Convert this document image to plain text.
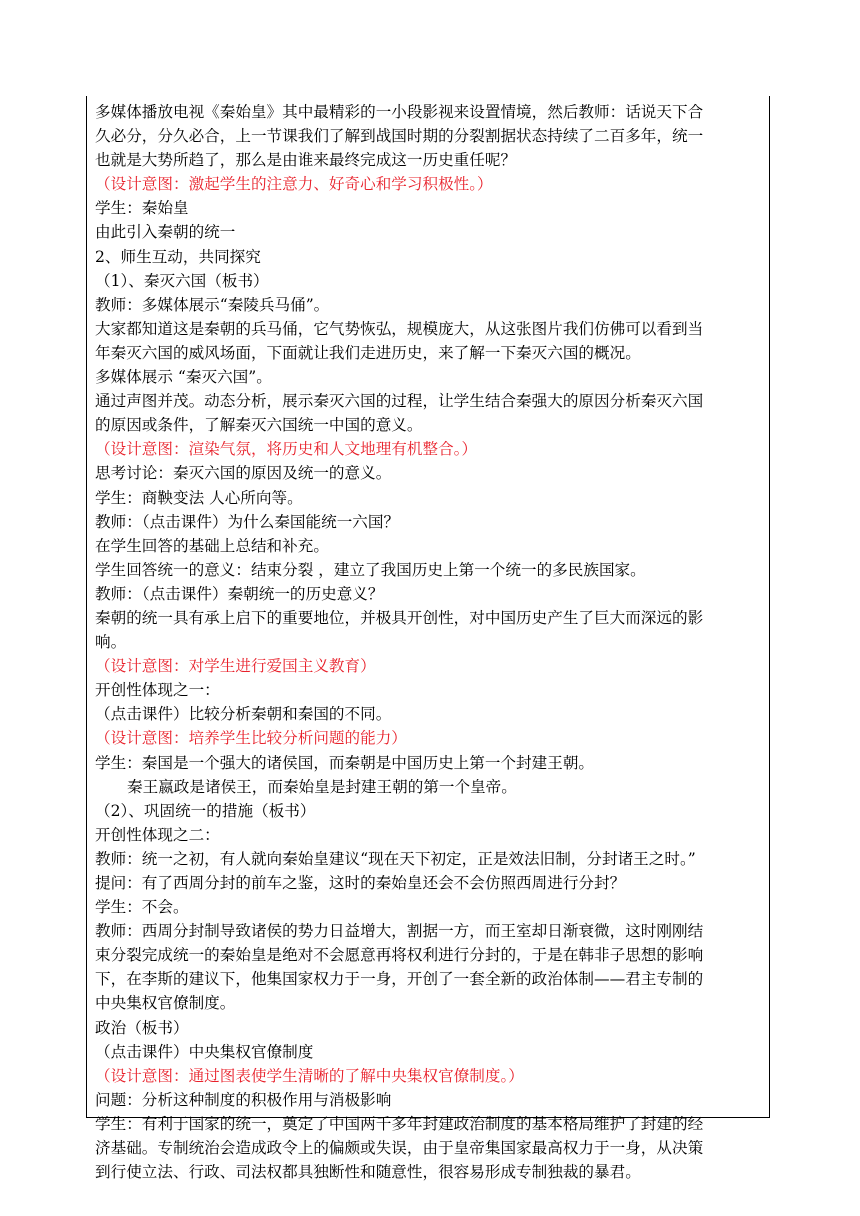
多媒体播放电视《秦始皇》其中最精彩的一小段影视来设置情境，然后教师：话说天下合
久必分，分久必合，上一节课我们了解到战国时期的分裂割据状态持续了二百多年，统一
也就是大势所趋了，那么是由谁来最终完成这一历史重任呢？
（设计意图：激起学生的注意力、好奇心和学习积极性。）
学生：秦始皇
由此引入秦朝的统一
2、师生互动，共同探究
（1）、秦灭六国（板书）
教师：多媒体展示“秦陵兵马俑”。
大家都知道这是秦朝的兵马俑，它气势恢弘，规模庞大，从这张图片我们仿佛可以看到当
年秦灭六国的威风场面，下面就让我们走进历史，来了解一下秦灭六国的概况。
多媒体展示 “秦灭六国”。
通过声图并茂。动态分析，展示秦灭六国的过程，让学生结合秦强大的原因分析秦灭六国
的原因或条件，了解秦灭六国统一中国的意义。
（设计意图：渲染气氛，将历史和人文地理有机整合。）
思考讨论：秦灭六国的原因及统一的意义。
学生：商鞅变法 人心所向等。
教师：（点击课件）为什么秦国能统一六国？
在学生回答的基础上总结和补充。
学生回答统一的意义：结束分裂 ，建立了我国历史上第一个统一的多民族国家。
教师：（点击课件）秦朝统一的历史意义？
秦朝的统一具有承上启下的重要地位，并极具开创性，对中国历史产生了巨大而深远的影
响。
（设计意图：对学生进行爱国主义教育）
开创性体现之一：
（点击课件）比较分析秦朝和秦国的不同。
（设计意图：培养学生比较分析问题的能力）
学生：秦国是一个强大的诸侯国，而秦朝是中国历史上第一个封建王朝。
秦王嬴政是诸侯王，而秦始皇是封建王朝的第一个皇帝。
（2）、巩固统一的措施（板书）
开创性体现之二：
教师：统一之初，有人就向秦始皇建议“现在天下初定，正是效法旧制，分封诸王之时。”
提问：有了西周分封的前车之鉴，这时的秦始皇还会不会仿照西周进行分封？
学生：不会。
教师：西周分封制导致诸侯的势力日益增大，割据一方，而王室却日渐衰微，这时刚刚结
束分裂完成统一的秦始皇是绝对不会愿意再将权利进行分封的，于是在韩非子思想的影响
下，在李斯的建议下，他集国家权力于一身，开创了一套全新的政治体制——君主专制的
中央集权官僚制度。
政治（板书）
（点击课件）中央集权官僚制度
（设计意图：通过图表使学生清晰的了解中央集权官僚制度。）
问题：分析这种制度的积极作用与消极影响
学生：有利于国家的统一，奠定了中国两千多年封建政治制度的基本格局维护了封建的经
济基础。专制统治会造成政令上的偏颇或失误，由于皇帝集国家最高权力于一身，从决策
到行使立法、行政、司法权都具独断性和随意性，很容易形成专制独裁的暴君。
